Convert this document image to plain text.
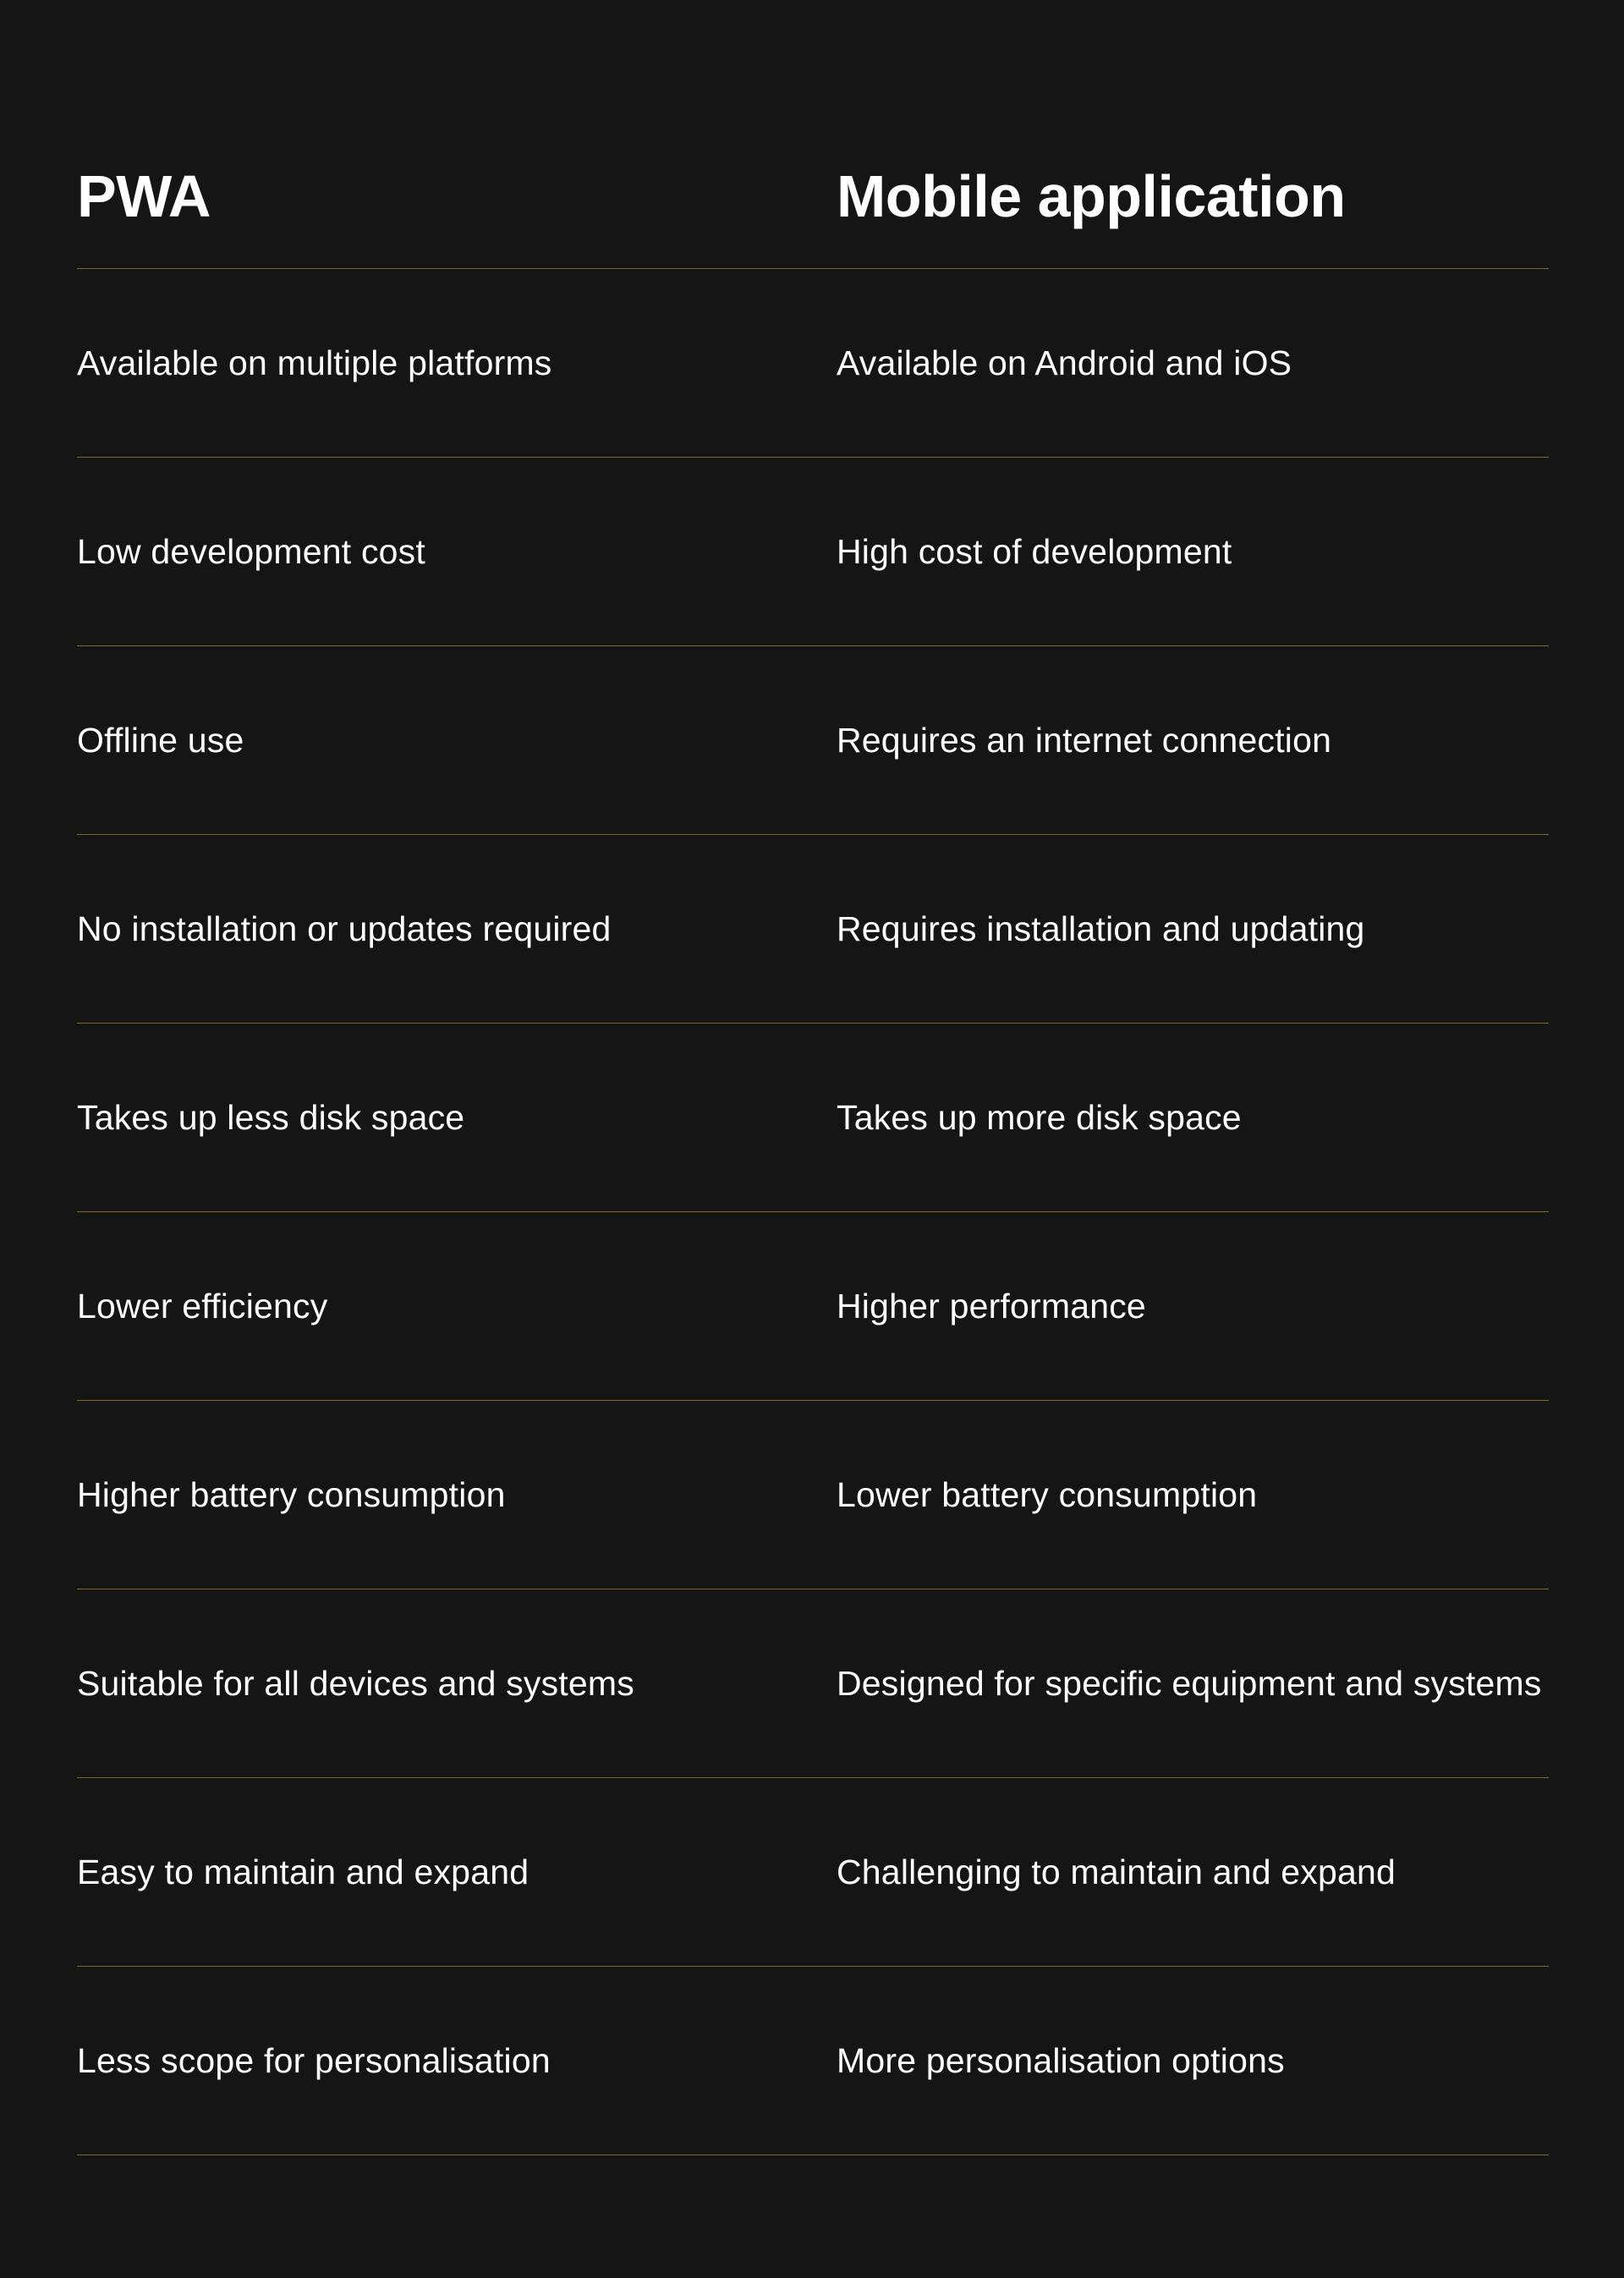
PWA	Mobile application
Available on multiple platforms	Available on Android and iOS
Low development cost	High cost of development
Offline use	Requires an internet connection
No installation or updates required	Requires installation and updating
Takes up less disk space	Takes up more disk space
Lower efficiency	Higher performance
Higher battery consumption	Lower battery consumption
Suitable for all devices and systems	Designed for specific equipment and systems
Easy to maintain and expand	Challenging to maintain and expand
Less scope for personalisation	More personalisation options
